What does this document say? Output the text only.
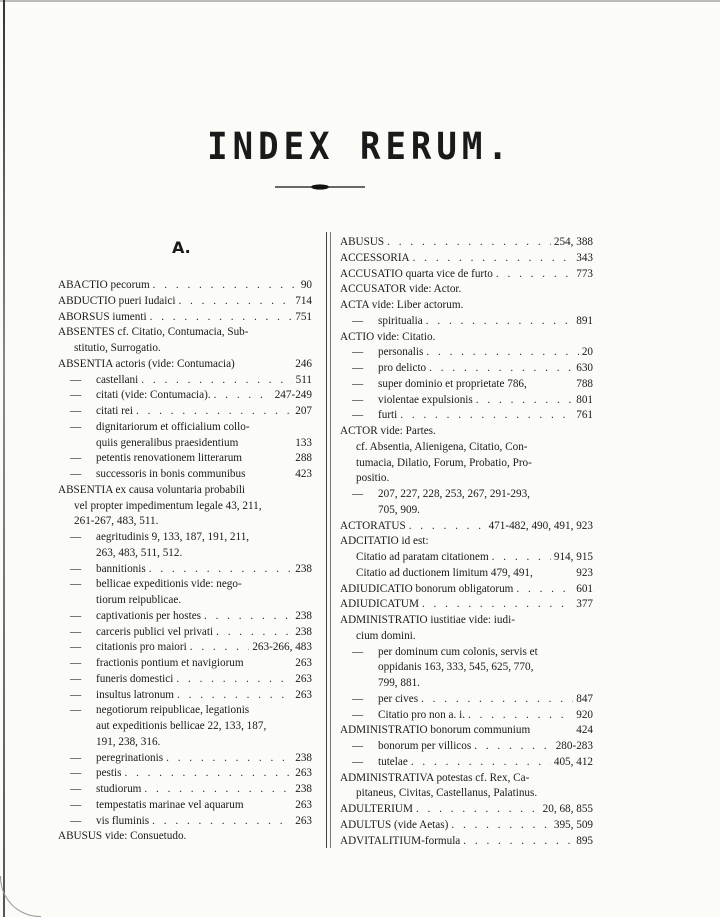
INDEX RERUM.
A.
ABACTIO pecorum . . .	90
ABDUCTIO pueri Iudaici . . .	714
ABORSUS iumenti . . .	751
ABSENTES cf. Citatio, Contumacia, Sub-
stitutio, Surrogatio.
ABSENTIA actoris (vide: Contumacia)	246
—	castellani . . .	511
—	citati (vide: Contumacia). . . .	247-249
—	citati rei . . .	207
—	dignitariorum et officialium collo-
quiis generalibus praesidentium	133
—	petentis renovationem litterarum	288
—	successoris in bonis communibus	423
ABSENTIA ex causa voluntaria probabili
vel propter impedimentum legale 43, 211,
261-267, 483, 511.
—	aegritudinis 9, 133, 187, 191, 211,
263, 483, 511, 512.
—	bannitionis . . .	238
—	bellicae expeditionis vide: nego-
tiorum reipublicae.
—	captivationis per hostes . . .	238
—	carceris publici vel privati . . .	238
—	citationis pro maiori . . .	263-266, 483
—	fractionis pontium et navigiorum	263
—	funeris domestici . . .	263
—	insultus latronum . . .	263
—	negotiorum reipublicae, legationis
aut expeditionis bellicae 22, 133, 187,
191, 238, 316.
—	peregrinationis . . .	238
—	pestis . . .	263
—	studiorum . . .	238
—	tempestatis marinae vel aquarum	263
—	vis fluminis . . .	263
ABUSUS vide: Consuetudo.
ABUSUS . . .	254, 388
ACCESSORIA . . .	343
ACCUSATIO quarta vice de furto . . .	773
ACCUSATOR vide: Actor.
ACTA vide: Liber actorum.
—	spiritualia . . .	891
ACTIO vide: Citatio.
—	personalis . . .	20
—	pro delicto . . .	630
—	super dominio et proprietate 786,	788
—	violentae expulsionis . . .	801
—	furti . . .	761
ACTOR vide: Partes.
cf. Absentia, Alienigena, Citatio, Con-
tumacia, Dilatio, Forum, Probatio, Pro-
positio.
—	207, 227, 228, 253, 267, 291-293,
705, 909.
ACTORATUS . . .	471-482, 490, 491, 923
ADCITATIO id est:
Citatio ad paratam citationem . . .	914, 915
Citatio ad ductionem limitum 479, 491,	923
ADIUDICATIO bonorum obligatorum . . .	601
ADIUDICATUM . . .	377
ADMINISTRATIO iustitiae vide: iudi-
cium domini.
—	per dominum cum colonis, servis et
oppidanis 163, 333, 545, 625, 770,
799, 881.
—	per cives . . .	847
—	Citatio pro non a. i. . . .	920
ADMINISTRATIO bonorum communium	424
—	bonorum per villicos . . .	280-283
—	tutelae . . .	405, 412
ADMINISTRATIVA potestas cf. Rex, Ca-
pitaneus, Civitas, Castellanus, Palatinus.
ADULTERIUM . . .	20, 68, 855
ADULTUS (vide Aetas) . . .	395, 509
ADVITALITIUM-formula . . .	895
